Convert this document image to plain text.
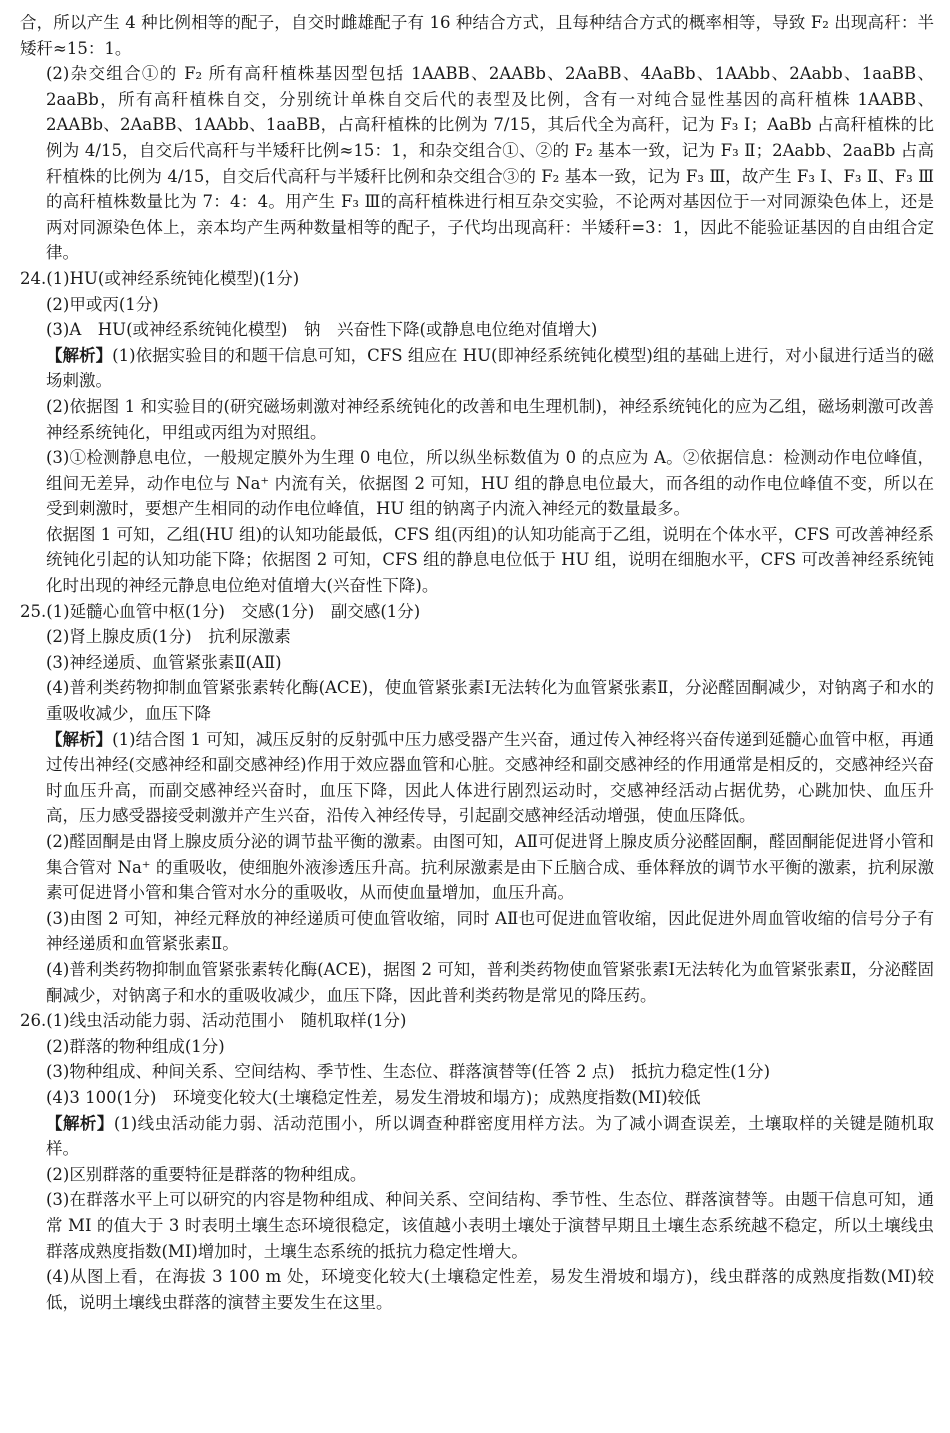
合，所以产生 4 种比例相等的配子，自交时雌雄配子有 16 种结合方式，且每种结合方式的概率相等，导致 F₂ 出现高秆：半矮秆≈15：1。

(2)杂交组合①的 F₂ 所有高秆植株基因型包括 1AABB、2AABb、2AaBB、4AaBb、1AAbb、2Aabb、1aaBB、2aaBb，所有高秆植株自交，分别统计单株自交后代的表型及比例，含有一对纯合显性基因的高秆植株 1AABB、2AABb、2AaBB、1AAbb、1aaBB，占高秆植株的比例为 7/15，其后代全为高秆，记为 F₃ Ⅰ；AaBb 占高秆植株的比例为 4/15，自交后代高秆与半矮秆比例≈15：1，和杂交组合①、②的 F₂ 基本一致，记为 F₃ Ⅱ；2Aabb、2aaBb 占高秆植株的比例为 4/15，自交后代高秆与半矮秆比例和杂交组合③的 F₂ 基本一致，记为 F₃ Ⅲ，故产生 F₃ Ⅰ、F₃ Ⅱ、F₃ Ⅲ的高秆植株数量比为 7：4：4。用产生 F₃ Ⅲ的高秆植株进行相互杂交实验，不论两对基因位于一对同源染色体上，还是两对同源染色体上，亲本均产生两种数量相等的配子，子代均出现高秆：半矮秆=3：1，因此不能验证基因的自由组合定律。

24.(1)HU(或神经系统钝化模型)(1分)

(2)甲或丙(1分)

(3)A　HU(或神经系统钝化模型)　钠　兴奋性下降(或静息电位绝对值增大)

【解析】(1)依据实验目的和题干信息可知，CFS 组应在 HU(即神经系统钝化模型)组的基础上进行，对小鼠进行适当的磁场刺激。

(2)依据图 1 和实验目的(研究磁场刺激对神经系统钝化的改善和电生理机制)，神经系统钝化的应为乙组，磁场刺激可改善神经系统钝化，甲组或丙组为对照组。

(3)①检测静息电位，一般规定膜外为生理 0 电位，所以纵坐标数值为 0 的点应为 A。②依据信息：检测动作电位峰值，组间无差异，动作电位与 Na⁺ 内流有关，依据图 2 可知，HU 组的静息电位最大，而各组的动作电位峰值不变，所以在受到刺激时，要想产生相同的动作电位峰值，HU 组的钠离子内流入神经元的数量最多。

依据图 1 可知，乙组(HU 组)的认知功能最低，CFS 组(丙组)的认知功能高于乙组，说明在个体水平，CFS 可改善神经系统钝化引起的认知功能下降；依据图 2 可知，CFS 组的静息电位低于 HU 组，说明在细胞水平，CFS 可改善神经系统钝化时出现的神经元静息电位绝对值增大(兴奋性下降)。

25.(1)延髓心血管中枢(1分)　交感(1分)　副交感(1分)

(2)肾上腺皮质(1分)　抗利尿激素

(3)神经递质、血管紧张素Ⅱ(AⅡ)

(4)普利类药物抑制血管紧张素转化酶(ACE)，使血管紧张素Ⅰ无法转化为血管紧张素Ⅱ，分泌醛固酮减少，对钠离子和水的重吸收减少，血压下降

【解析】(1)结合图 1 可知，减压反射的反射弧中压力感受器产生兴奋，通过传入神经将兴奋传递到延髓心血管中枢，再通过传出神经(交感神经和副交感神经)作用于效应器血管和心脏。交感神经和副交感神经的作用通常是相反的，交感神经兴奋时血压升高，而副交感神经兴奋时，血压下降，因此人体进行剧烈运动时，交感神经活动占据优势，心跳加快、血压升高，压力感受器接受刺激并产生兴奋，沿传入神经传导，引起副交感神经活动增强，使血压降低。

(2)醛固酮是由肾上腺皮质分泌的调节盐平衡的激素。由图可知，AⅡ可促进肾上腺皮质分泌醛固酮，醛固酮能促进肾小管和集合管对 Na⁺ 的重吸收，使细胞外液渗透压升高。抗利尿激素是由下丘脑合成、垂体释放的调节水平衡的激素，抗利尿激素可促进肾小管和集合管对水分的重吸收，从而使血量增加，血压升高。

(3)由图 2 可知，神经元释放的神经递质可使血管收缩，同时 AⅡ也可促进血管收缩，因此促进外周血管收缩的信号分子有神经递质和血管紧张素Ⅱ。

(4)普利类药物抑制血管紧张素转化酶(ACE)，据图 2 可知，普利类药物使血管紧张素Ⅰ无法转化为血管紧张素Ⅱ，分泌醛固酮减少，对钠离子和水的重吸收减少，血压下降，因此普利类药物是常见的降压药。

26.(1)线虫活动能力弱、活动范围小　随机取样(1分)

(2)群落的物种组成(1分)

(3)物种组成、种间关系、空间结构、季节性、生态位、群落演替等(任答 2 点)　抵抗力稳定性(1分)

(4)3 100(1分)　环境变化较大(土壤稳定性差，易发生滑坡和塌方)；成熟度指数(MI)较低

【解析】(1)线虫活动能力弱、活动范围小，所以调查种群密度用样方法。为了减小调查误差，土壤取样的关键是随机取样。

(2)区别群落的重要特征是群落的物种组成。

(3)在群落水平上可以研究的内容是物种组成、种间关系、空间结构、季节性、生态位、群落演替等。由题干信息可知，通常 MI 的值大于 3 时表明土壤生态环境很稳定，该值越小表明土壤处于演替早期且土壤生态系统越不稳定，所以土壤线虫群落成熟度指数(MI)增加时，土壤生态系统的抵抗力稳定性增大。

(4)从图上看，在海拔 3 100 m 处，环境变化较大(土壤稳定性差，易发生滑坡和塌方)，线虫群落的成熟度指数(MI)较低，说明土壤线虫群落的演替主要发生在这里。
